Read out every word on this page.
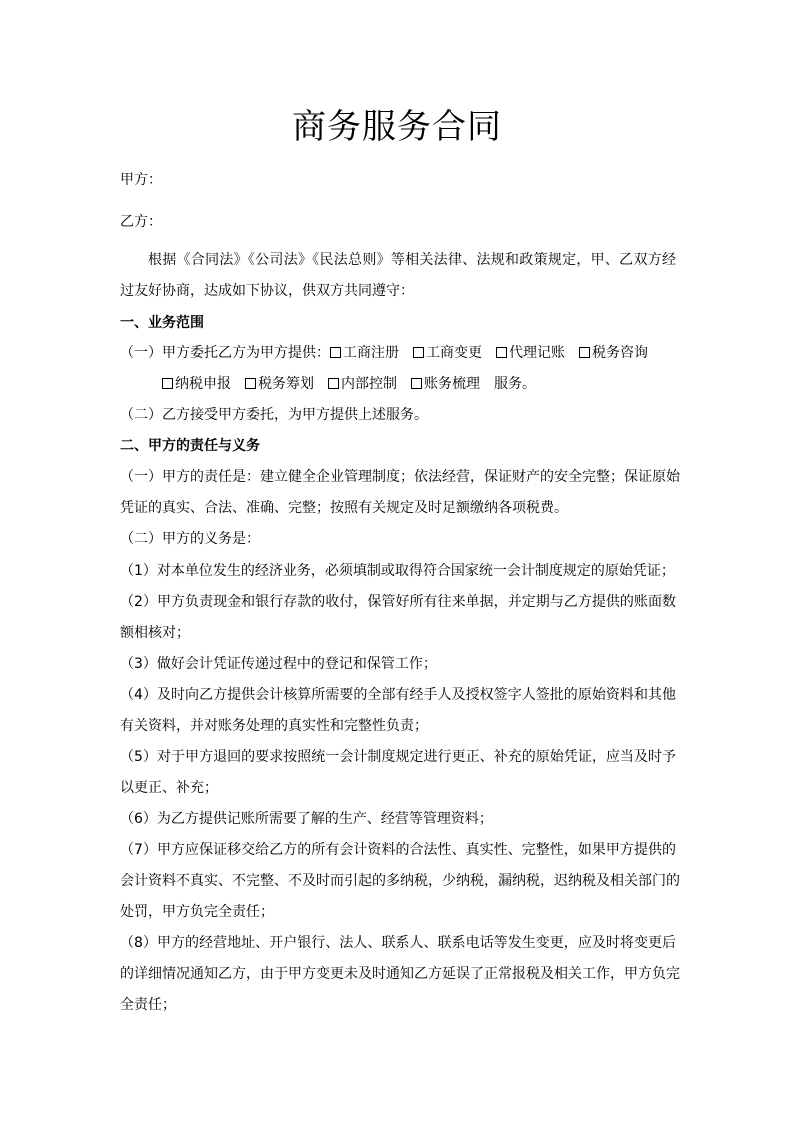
商务服务合同
甲方：
乙方：
根据《合同法》《公司法》《民法总则》等相关法律、法规和政策规定，甲、乙双方经
过友好协商，达成如下协议，供双方共同遵守：
一、业务范围
（一）甲方委托乙方为甲方提供： 工商注册 工商变更 代理记账 税务咨询
纳税申报 税务筹划 内部控制 账务梳理 服务。
（二）乙方接受甲方委托，为甲方提供上述服务。
二、甲方的责任与义务
（一）甲方的责任是：建立健全企业管理制度；依法经营，保证财产的安全完整；保证原始
凭证的真实、合法、准确、完整；按照有关规定及时足额缴纳各项税费。
（二）甲方的义务是：
（1）对本单位发生的经济业务，必须填制或取得符合国家统一会计制度规定的原始凭证；
（2）甲方负责现金和银行存款的收付，保管好所有往来单据，并定期与乙方提供的账面数
额相核对；
（3）做好会计凭证传递过程中的登记和保管工作；
（4）及时向乙方提供会计核算所需要的全部有经手人及授权签字人签批的原始资料和其他
有关资料，并对账务处理的真实性和完整性负责；
（5）对于甲方退回的要求按照统一会计制度规定进行更正、补充的原始凭证，应当及时予
以更正、补充；
（6）为乙方提供记账所需要了解的生产、经营等管理资料；
（7）甲方应保证移交给乙方的所有会计资料的合法性、真实性、完整性，如果甲方提供的
会计资料不真实、不完整、不及时而引起的多纳税，少纳税，漏纳税，迟纳税及相关部门的
处罚，甲方负完全责任；
（8）甲方的经营地址、开户银行、法人、联系人、联系电话等发生变更，应及时将变更后
的详细情况通知乙方，由于甲方变更未及时通知乙方延误了正常报税及相关工作，甲方负完
全责任；
